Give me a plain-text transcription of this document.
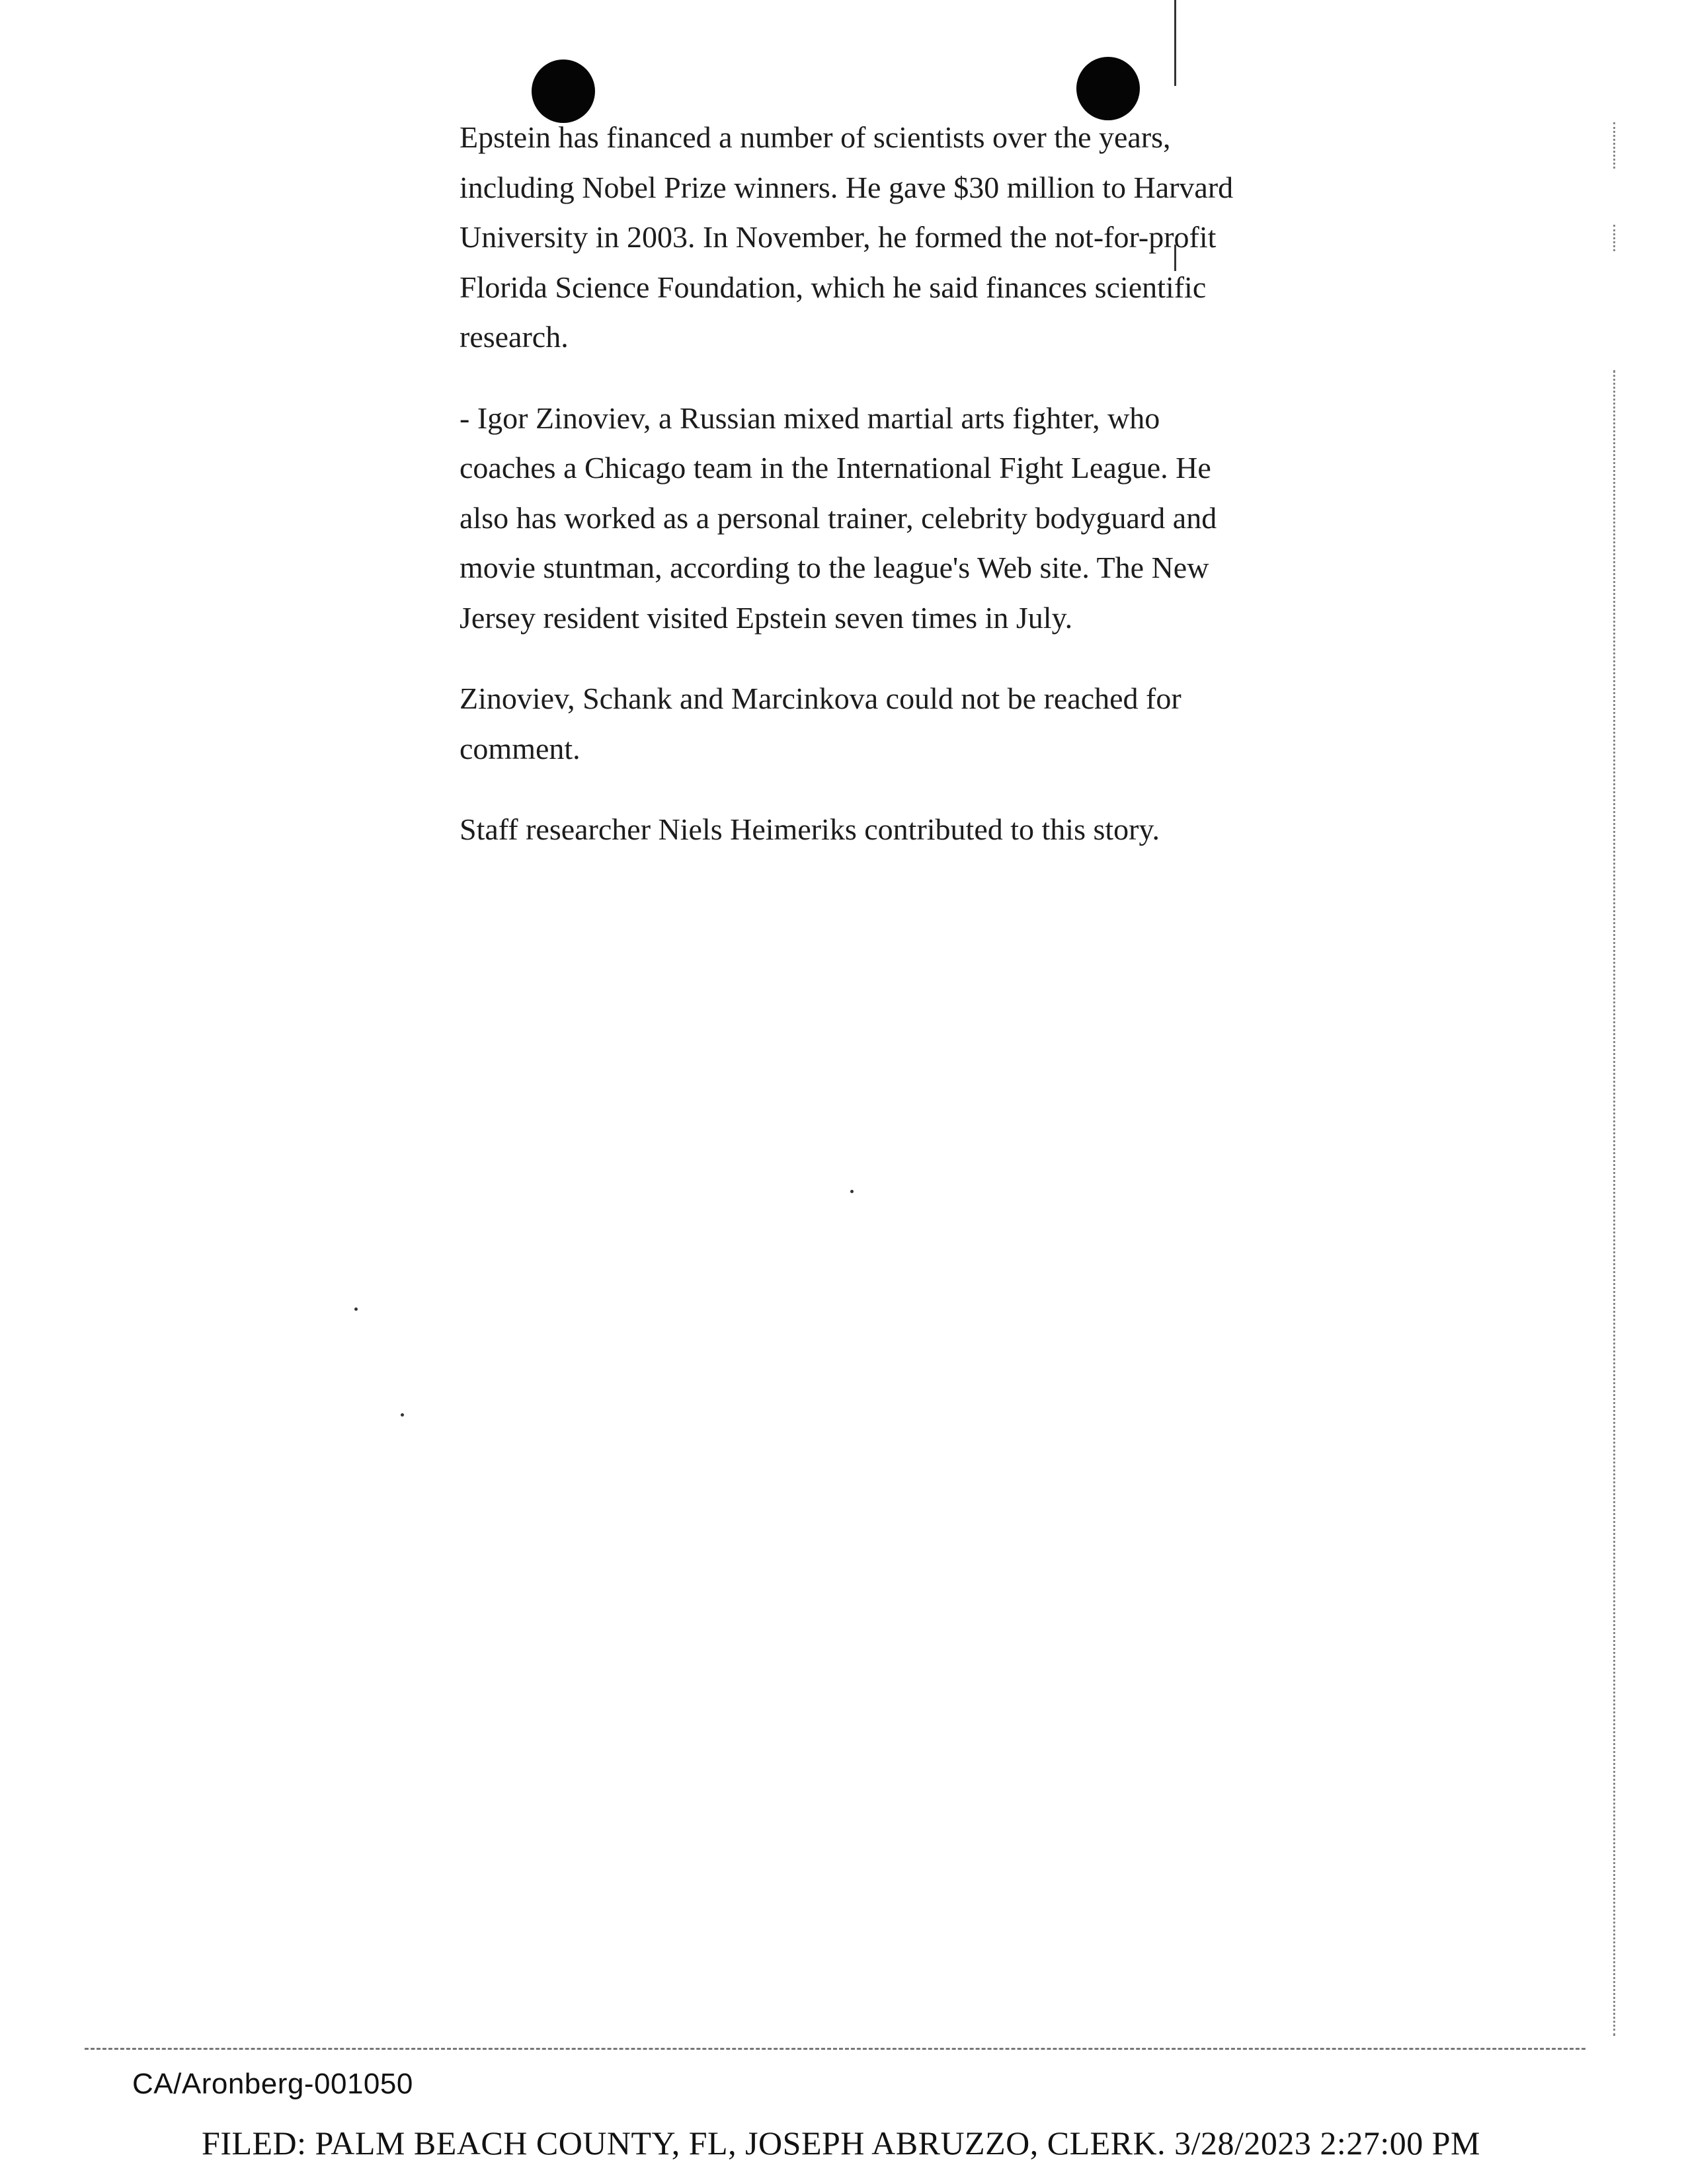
Epstein has financed a number of scientists over the years, including Nobel Prize winners. He gave $30 million to Harvard University in 2003. In November, he formed the not-for-profit Florida Science Foundation, which he said finances scientific research.

- Igor Zinoviev, a Russian mixed martial arts fighter, who coaches a Chicago team in the International Fight League. He also has worked as a personal trainer, celebrity bodyguard and movie stuntman, according to the league's Web site. The New Jersey resident visited Epstein seven times in July.

Zinoviev, Schank and Marcinkova could not be reached for comment.

Staff researcher Niels Heimeriks contributed to this story.

CA/Aronberg-001050
FILED: PALM BEACH COUNTY, FL, JOSEPH ABRUZZO, CLERK. 3/28/2023 2:27:00 PM
